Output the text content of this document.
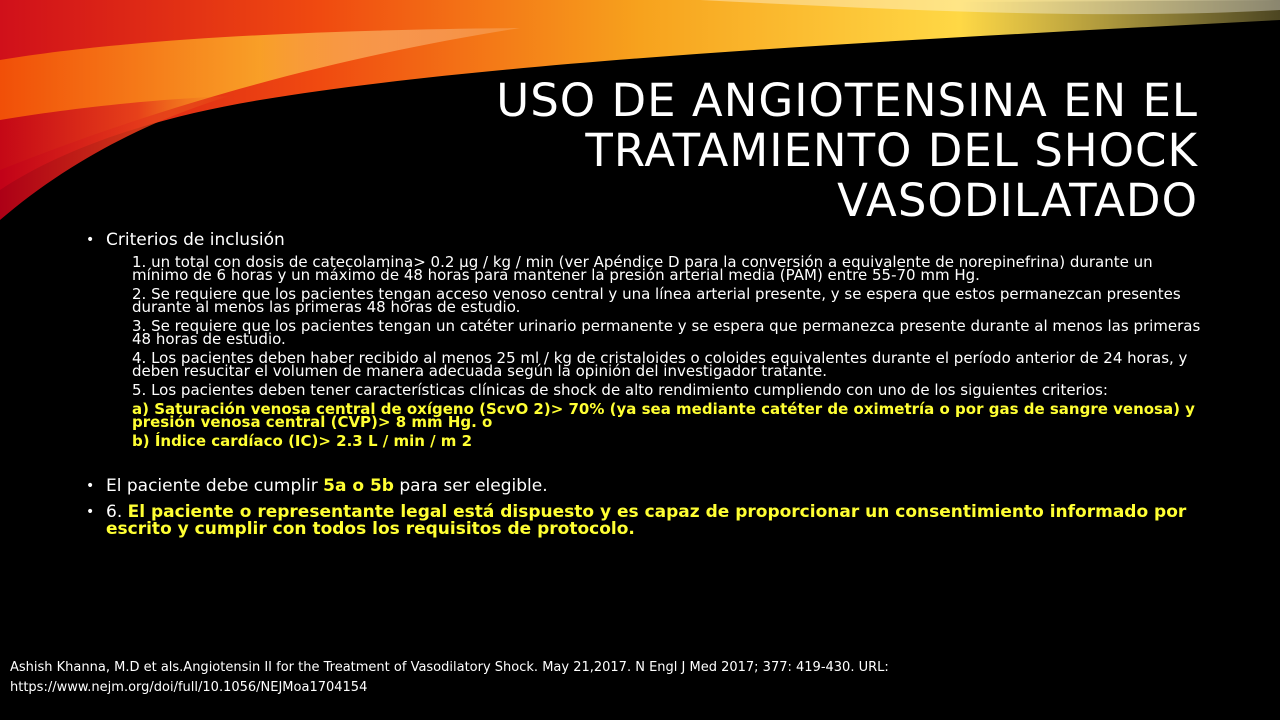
USO DE ANGIOTENSINA EN EL
TRATAMIENTO DEL SHOCK
VASODILATADO
• Criterios de inclusión
1. un total con dosis de catecolamina> 0.2 μg / kg / min (ver Apéndice D para la conversión a equivalente de norepinefrina) durante un mínimo de 6 horas y un máximo de 48 horas para mantener la presión arterial media (PAM) entre 55-70 mm Hg.
2. Se requiere que los pacientes tengan acceso venoso central y una línea arterial presente, y se espera que estos permanezcan presentes durante al menos las primeras 48 horas de estudio.
3. Se requiere que los pacientes tengan un catéter urinario permanente y se espera que permanezca presente durante al menos las primeras 48 horas de estudio.
4. Los pacientes deben haber recibido al menos 25 ml / kg de cristaloides o coloides equivalentes durante el período anterior de 24 horas, y deben resucitar el volumen de manera adecuada según la opinión del investigador tratante.
5. Los pacientes deben tener características clínicas de shock de alto rendimiento cumpliendo con uno de los siguientes criterios:
a) Saturación venosa central de oxígeno (ScvO 2)> 70% (ya sea mediante catéter de oximetría o por gas de sangre venosa) y presión venosa central (CVP)> 8 mm Hg. o
b) Índice cardíaco (IC)> 2.3 L / min / m 2
• El paciente debe cumplir 5a o 5b para ser elegible.
• 6. El paciente o representante legal está dispuesto y es capaz de proporcionar un consentimiento informado por escrito y cumplir con todos los requisitos de protocolo.
Ashish Khanna, M.D et als.Angiotensin II for the Treatment of Vasodilatory Shock. May 21,2017. N Engl J Med 2017; 377: 419-430. URL:
https://www.nejm.org/doi/full/10.1056/NEJMoa1704154
